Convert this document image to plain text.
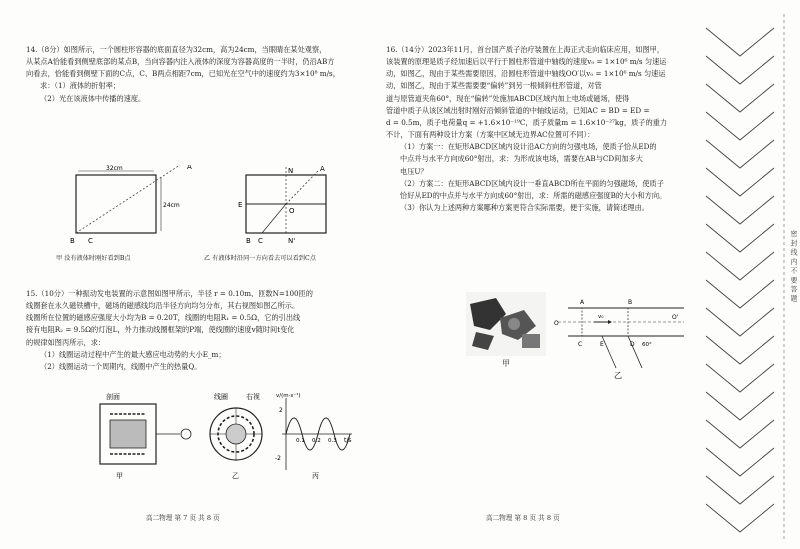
14.（8分）如图所示，一个圆柱形容器的底面直径为32cm，高为24cm，当眼睛在某处观察，

从某点A恰能看到侧壁底部的某点B，当向容器内注入液体的深度为容器高度的一半时，仍沿AB方

向看去，恰能看到侧壁下面的C点，C、B两点相距7cm，已知光在空气中的速度约为3×10⁸ m/s，

求：（1）液体的折射率；

（2）光在该液体中传播的速度。

32cm
24cm
A
B C
E
N
O
N'
A
B C
甲 没有液体时刚好看到B点	乙 有液体时沿同一方向看去可以看到C点

15.（10分）一种振动发电装置的示意图如图甲所示，半径 r = 0.10m、匝数N=100匝的

线圈套在永久磁铁槽中，磁场的磁感线均沿半径方向均匀分布，其右视图如图乙所示。

线圈所在位置的磁感应强度大小均为B = 0.20T，线圈的电阻R₁ = 0.5Ω，它的引出线

接有电阻R₂ = 9.5Ω的灯泡L，外力推动线圈框架的P端，使线圈的速度v随时间t变化

的规律如图丙所示，求：

（1）线圈运动过程中产生的最大感应电动势的大小E_m；

（2）线圈运动一个周期内，线圈中产生的热量Q。

剖面
甲
线圈	右视
乙
v/(m·s⁻¹)
t/s
2
-2
0.1 0.2 0.3
丙
高二物理 第 7 页 共 8 页

16.（14分）2023年11月，首台国产质子治疗装置在上海正式走向临床应用，如图甲，

该装置的原理是质子经加速后以平行于圆柱形管道中轴线的速度v₀ = 1×10⁶ m/s 匀速运

动，如图乙，现由于某些需要原因，沿圆柱形管道中轴线OO′以v₀ = 1×10⁶ m/s 匀速运

动，如图乙，现由于某些需要要“偏转”到另一根倾斜柱形管道，对管

道与原管道夹角60°，现在“偏转”处施加ABCD区域内加上电场或磁场，使得

管道中质子从该区域出射时刚好沿倾斜管道的中轴线运动，已知AC = BD = ED =

d = 0.5m，质子电荷量q = +1.6×10⁻¹⁹C，质子质量m = 1.6×10⁻²⁷kg，质子的重力

不计，下面有两种设计方案（方案中区域无边界AC位置可不同）：

（1）方案一：在矩形ABCD区域内设计沿AC方向的匀强电场，使质子恰从ED的

中点并与水平方向成60°射出，求：为形成该电场，需要在AB与CD间加多大

电压U？

（2）方案二：在矩形ABCD区域内设计一垂直ABCD所在平面的匀强磁场，使质子

恰好从ED的中点并与水平方向成60°射出，求：所需的磁感应强度B的大小和方向。

（3）你认为上述两种方案哪种方案更符合实际需要，便于实施，请简述理由。

甲
A	B
C	D
E
O
O'
v₀
60°
乙
高二物理 第 8 页 共 8 页
密 封 线 内 不 要 答 题
